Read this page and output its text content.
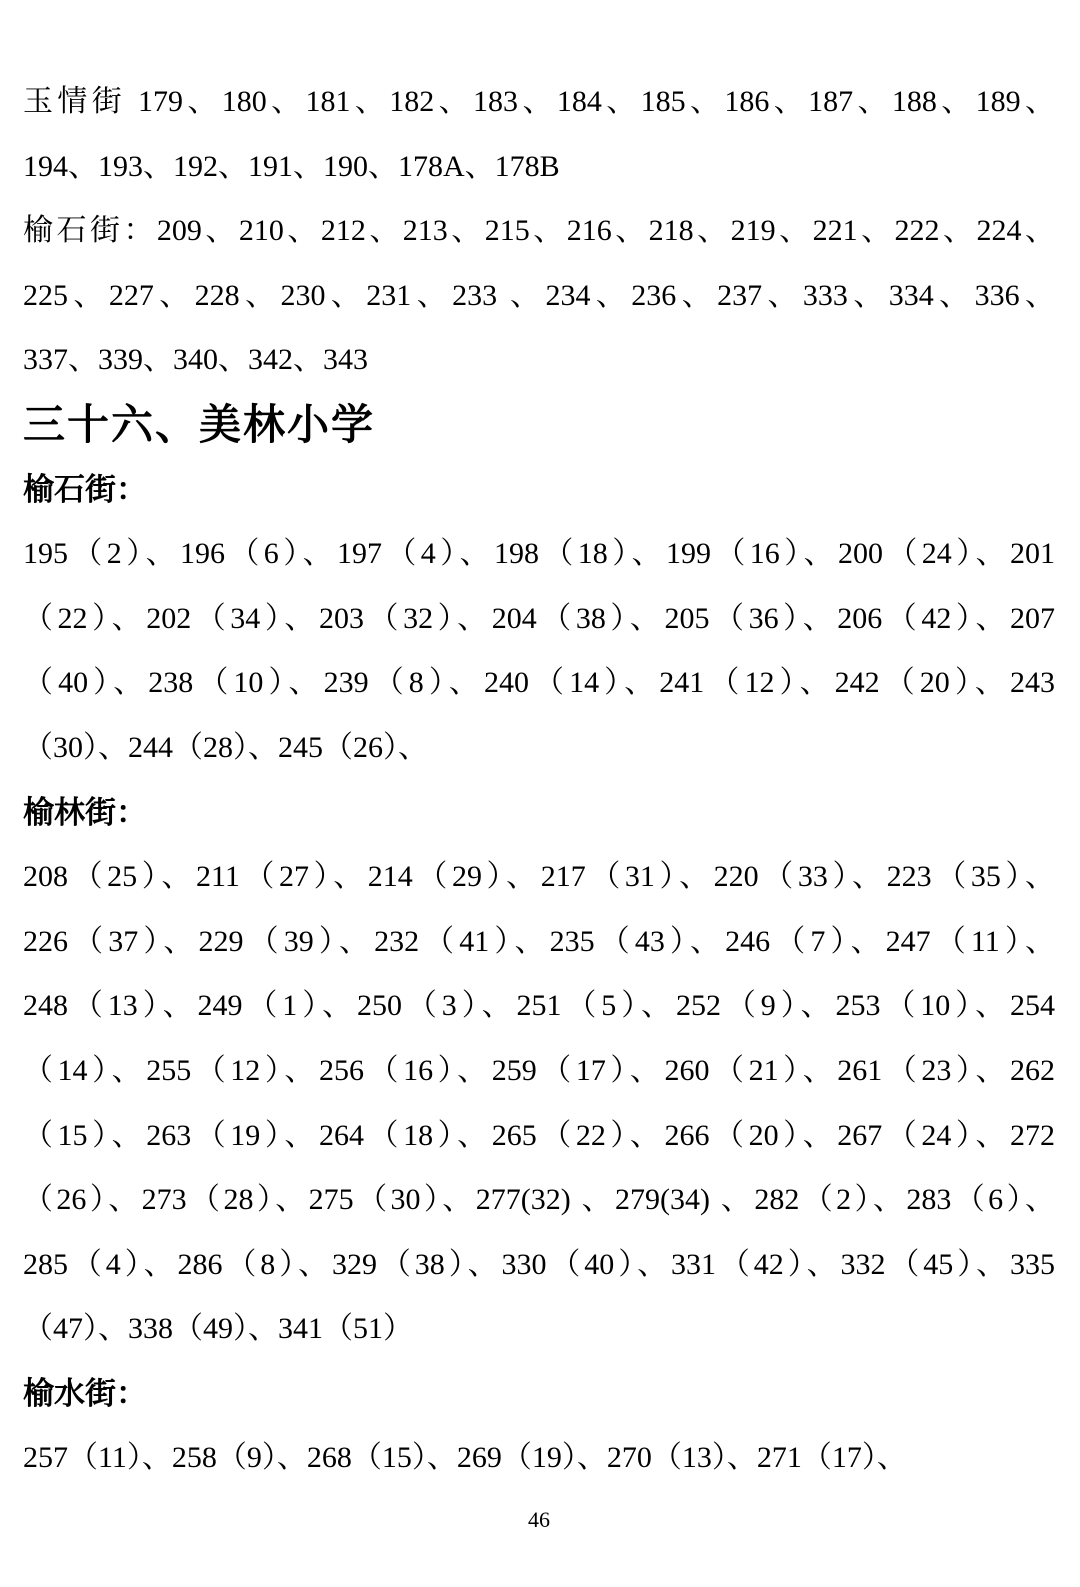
玉情街 179、180、181、182、183、184、185、186、187、188、189、
194、193、192、191、190、178A、178B
榆石街：209、210、212、213、215、216、218、219、221、222、224、
225、227、228、230、231、233 、234、236、237、333、334、336、
337、339、340、342、343
三十六、美林小学
榆石街：
195（2）、196（6）、197（4）、198（18）、199（16）、200（24）、201
（22）、202（34）、203（32）、204（38）、205（36）、206（42）、207
（40）、238（10）、239（8）、240（14）、241（12）、242（20）、243
（30）、244（28）、245（26）、
榆林街：
208（25）、211（27）、214（29）、217（31）、220（33）、223（35）、
226（37）、229（39）、232（41）、235（43）、246（7）、247（11）、
248（13）、249（1）、250（3）、251（5）、252（9）、253（10）、254
（14）、255（12）、256（16）、259（17）、260（21）、261（23）、262
（15）、263（19）、264（18）、265（22）、266（20）、267（24）、272
（26）、273（28）、275（30）、277(32) 、279(34) 、282（2）、283（6）、
285（4）、286（8）、329（38）、330（40）、331（42）、332（45）、335
（47）、338（49）、341（51）
榆水街：
257（11）、258（9）、268（15）、269（19）、270（13）、271（17）、
46
